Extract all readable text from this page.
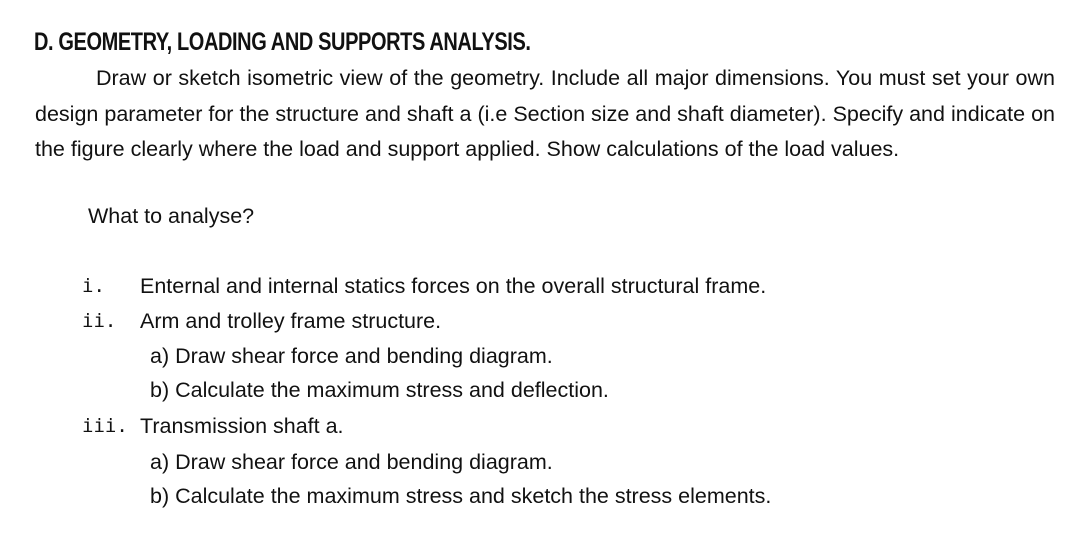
D. GEOMETRY, LOADING AND SUPPORTS ANALYSIS.

Draw or sketch isometric view of the geometry. Include all major dimensions. You must set your own design parameter for the structure and shaft a (i.e Section size and shaft diameter). Specify and indicate on the figure clearly where the load and support applied. Show calculations of the load values.

What to analyse?
i. Enternal and internal statics forces on the overall structural frame.
ii. Arm and trolley frame structure.
a) Draw shear force and bending diagram.
b) Calculate the maximum stress and deflection.
iii. Transmission shaft a.
a) Draw shear force and bending diagram.
b) Calculate the maximum stress and sketch the stress elements.
